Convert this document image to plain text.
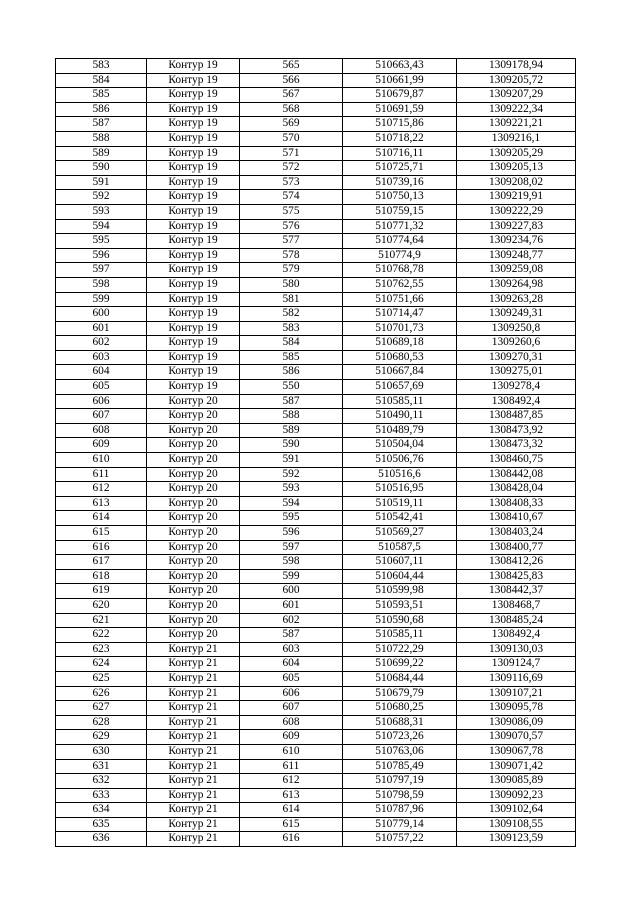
583	Контур 19	565	510663,43	1309178,94
584	Контур 19	566	510661,99	1309205,72
585	Контур 19	567	510679,87	1309207,29
586	Контур 19	568	510691,59	1309222,34
587	Контур 19	569	510715,86	1309221,21
588	Контур 19	570	510718,22	1309216,1
589	Контур 19	571	510716,11	1309205,29
590	Контур 19	572	510725,71	1309205,13
591	Контур 19	573	510739,16	1309208,02
592	Контур 19	574	510750,13	1309219,91
593	Контур 19	575	510759,15	1309222,29
594	Контур 19	576	510771,32	1309227,83
595	Контур 19	577	510774,64	1309234,76
596	Контур 19	578	510774,9	1309248,77
597	Контур 19	579	510768,78	1309259,08
598	Контур 19	580	510762,55	1309264,98
599	Контур 19	581	510751,66	1309263,28
600	Контур 19	582	510714,47	1309249,31
601	Контур 19	583	510701,73	1309250,8
602	Контур 19	584	510689,18	1309260,6
603	Контур 19	585	510680,53	1309270,31
604	Контур 19	586	510667,84	1309275,01
605	Контур 19	550	510657,69	1309278,4
606	Контур 20	587	510585,11	1308492,4
607	Контур 20	588	510490,11	1308487,85
608	Контур 20	589	510489,79	1308473,92
609	Контур 20	590	510504,04	1308473,32
610	Контур 20	591	510506,76	1308460,75
611	Контур 20	592	510516,6	1308442,08
612	Контур 20	593	510516,95	1308428,04
613	Контур 20	594	510519,11	1308408,33
614	Контур 20	595	510542,41	1308410,67
615	Контур 20	596	510569,27	1308403,24
616	Контур 20	597	510587,5	1308400,77
617	Контур 20	598	510607,11	1308412,26
618	Контур 20	599	510604,44	1308425,83
619	Контур 20	600	510599,98	1308442,37
620	Контур 20	601	510593,51	1308468,7
621	Контур 20	602	510590,68	1308485,24
622	Контур 20	587	510585,11	1308492,4
623	Контур 21	603	510722,29	1309130,03
624	Контур 21	604	510699,22	1309124,7
625	Контур 21	605	510684,44	1309116,69
626	Контур 21	606	510679,79	1309107,21
627	Контур 21	607	510680,25	1309095,78
628	Контур 21	608	510688,31	1309086,09
629	Контур 21	609	510723,26	1309070,57
630	Контур 21	610	510763,06	1309067,78
631	Контур 21	611	510785,49	1309071,42
632	Контур 21	612	510797,19	1309085,89
633	Контур 21	613	510798,59	1309092,23
634	Контур 21	614	510787,96	1309102,64
635	Контур 21	615	510779,14	1309108,55
636	Контур 21	616	510757,22	1309123,59
